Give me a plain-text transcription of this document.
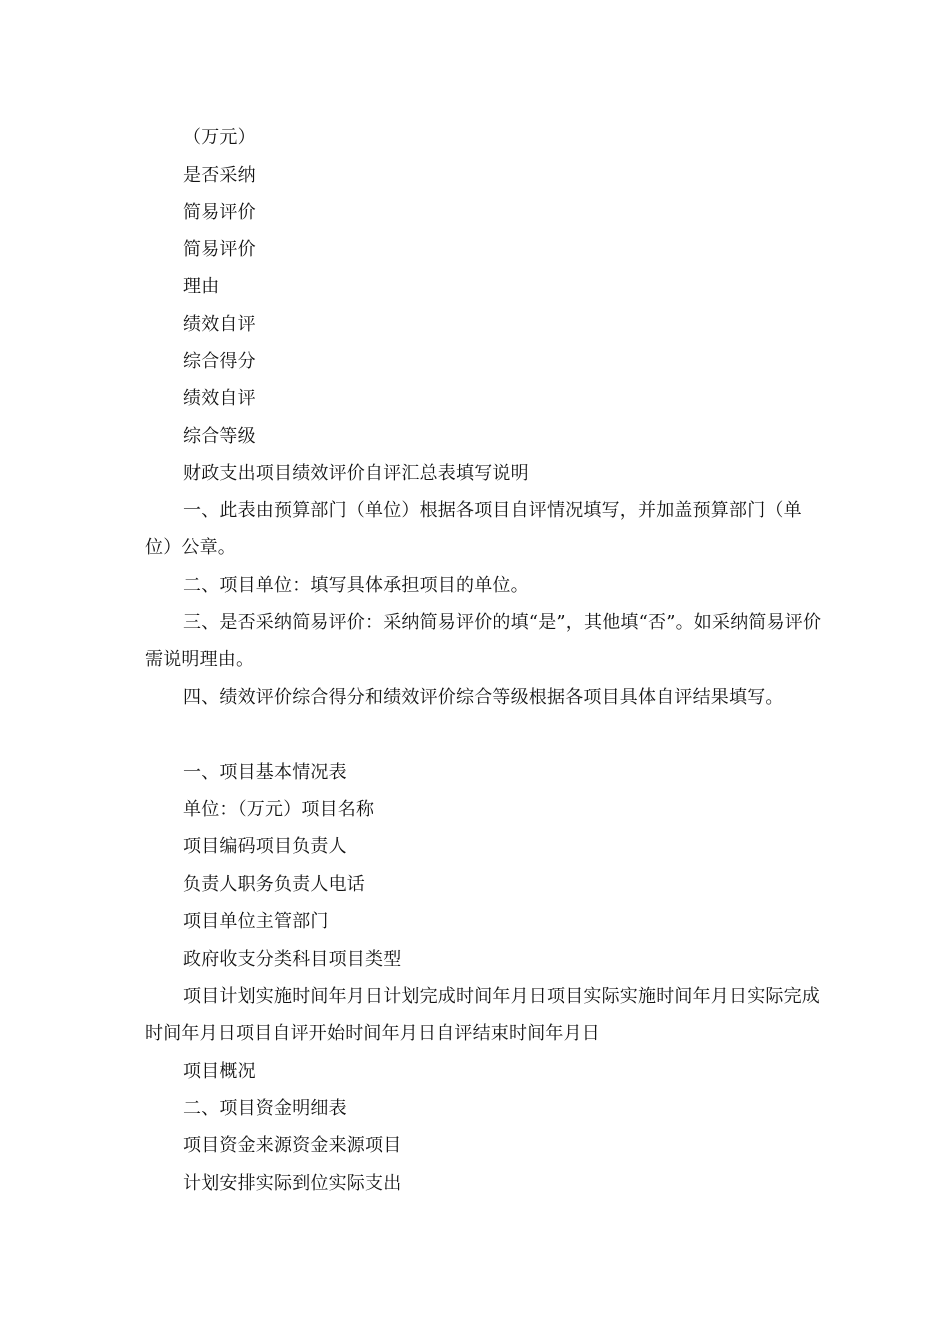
（万元）

是否采纳

简易评价

简易评价

理由

绩效自评

综合得分

绩效自评

综合等级

财政支出项目绩效评价自评汇总表填写说明

一、此表由预算部门（单位）根据各项目自评情况填写，并加盖预算部门（单位）公章。

二、项目单位：填写具体承担项目的单位。

三、是否采纳简易评价：采纳简易评价的填“是”，其他填“否”。如采纳简易评价需说明理由。

四、绩效评价综合得分和绩效评价综合等级根据各项目具体自评结果填写。

一、项目基本情况表

单位：（万元）项目名称

项目编码项目负责人

负责人职务负责人电话

项目单位主管部门

政府收支分类科目项目类型

项目计划实施时间年月日计划完成时间年月日项目实际实施时间年月日实际完成时间年月日项目自评开始时间年月日自评结束时间年月日

项目概况

二、项目资金明细表

项目资金来源资金来源项目

计划安排实际到位实际支出
